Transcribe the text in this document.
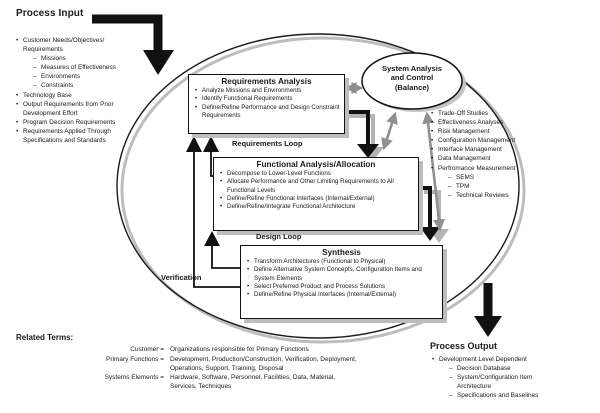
Process Input
• Customer Needs/Objectives/ Requirements
– Missions
– Measures of Effectiveness
– Environments
– Constraints
• Technology Base
• Output Requirements from Prior Development Effort
• Program Decision Requirements
• Requirements Applied Through Specifications and Standards
Requirements Analysis
• Analyze Missions and Environments
• Identify Functional Requirements
• Define/Refine Performance and Design Constraint Requirements
Requirements Loop
Functional Analysis/Allocation
• Decompose to Lower-Level Functions
• Allocate Performance and Other Limiting Requirements to All Functional Levels
• Define/Refine Functional Interfaces (Internal/External)
• Define/Refine/Integrate Functional Architecture
Design Loop
Verification
Synthesis
• Transform Architectures (Functional to Physical)
• Define Alternative System Concepts, Configuration Items and System Elements
• Select Preferred Product and Process Solutions
• Define/Refine Physical Interfaces (Internal/External)
System Analysis
and Control
(Balance)
• Trade-Off Studies
• Effectiveness Analyses
• Risk Management
• Configuration Management
• Interface Management
• Data Management
• Perfromance Measurement
– SEMS
– TPM
– Technical Reviews
Process Output
• Development Level Dependent
– Decision Database
– System/Configuration Item Architecture
– Specifications and Baselines
Related Terms:
Customer = Organizations responsible for Primary Functions
Primary Functions = Development, Production/Construction, Verification, Deployment, Operations, Support, Training, Disposal
Systems Elements = Hardware, Software, Personnel, Facilities, Data, Material, Services, Techniques
